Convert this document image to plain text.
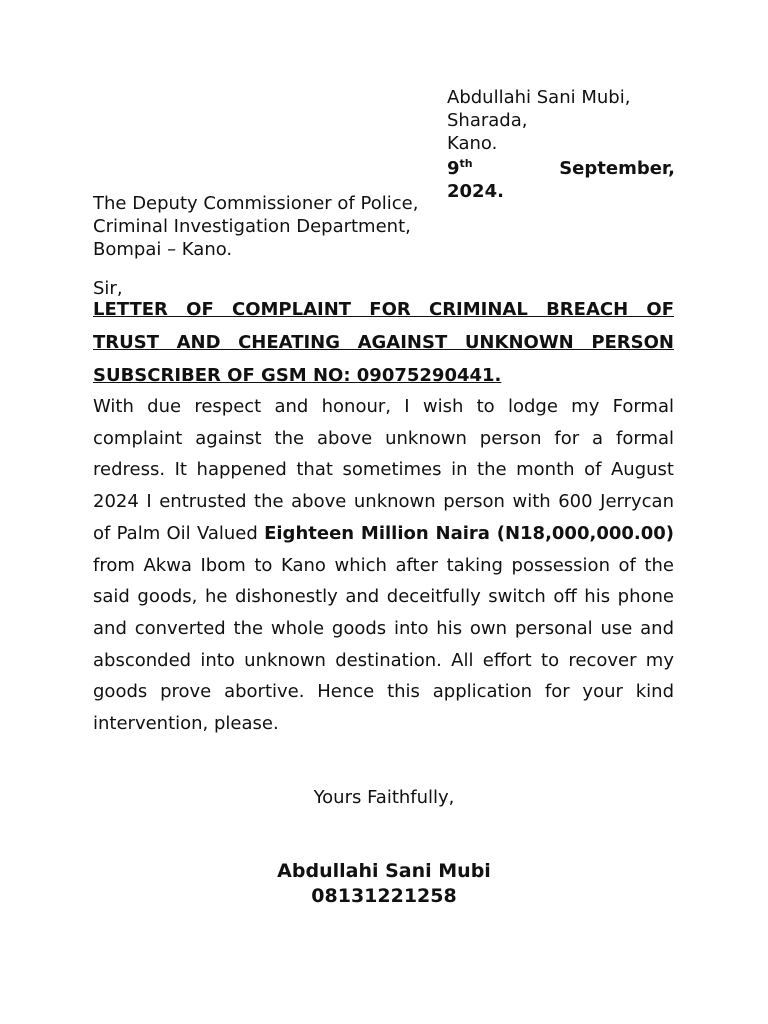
Abdullahi Sani Mubi,
Sharada,
Kano.
9th	September,
2024.
The Deputy Commissioner of Police,
Criminal Investigation Department,
Bompai – Kano.
Sir,
LETTER OF COMPLAINT FOR CRIMINAL BREACH OF TRUST AND CHEATING AGAINST UNKNOWN PERSON SUBSCRIBER OF GSM NO: 09075290441.
With due respect and honour, I wish to lodge my Formal complaint against the above unknown person for a formal redress. It happened that sometimes in the month of August 2024 I entrusted the above unknown person with 600 Jerrycan of Palm Oil Valued Eighteen Million Naira (N18,000,000.00) from Akwa Ibom to Kano which after taking possession of the said goods, he dishonestly and deceitfully switch off his phone and converted the whole goods into his own personal use and absconded into unknown destination. All effort to recover my goods prove abortive. Hence this application for your kind intervention, please.
Yours Faithfully,
Abdullahi Sani Mubi
08131221258
